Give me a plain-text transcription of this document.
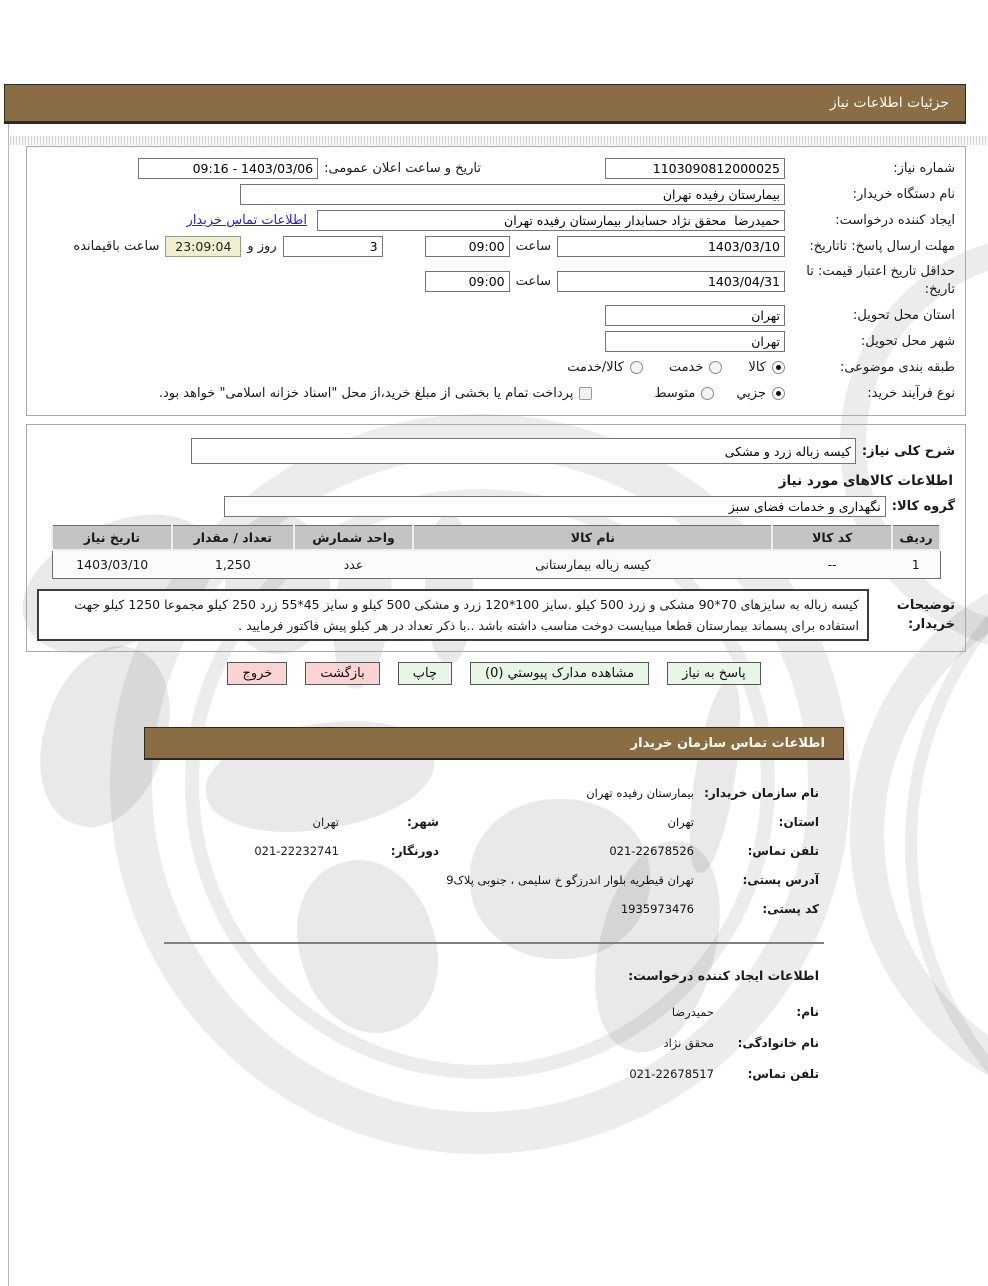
جزئیات اطلاعات نیاز
شماره نیاز:
1103090812000025
تاریخ و ساعت اعلان عمومی:
09:16 - 1403/03/06
نام دستگاه خریدار:
بیمارستان رفیده تهران
ایجاد کننده درخواست:
حمیدرضا محقق نژاد حسابدار بیمارستان رفیده تهران
اطلاعات تماس خریدار
مهلت ارسال پاسخ: تاتاریخ:
1403/03/10
ساعت
09:00
3
روز و
23:09:04
ساعت باقیمانده
حداقل تاریخ اعتبار قیمت: تا تاریخ:
1403/04/31
ساعت
09:00
استان محل تحویل:
تهران
شهر محل تحویل:
تهران
طبقه بندی موضوعی:
کالا
خدمت
کالا/خدمت
نوع فرآیند خرید:
جزيي
متوسط
پرداخت تمام یا بخشی از مبلغ خرید،از محل "اسناد خزانه اسلامی" خواهد بود.
شرح کلی نیاز:
کیسه زباله زرد و مشکی
اطلاعات کالاهای مورد نیاز
گروه کالا:
نگهداری و خدمات فضای سبز
ردیف	کد کالا	نام کالا	واحد شمارش	تعداد / مقدار	تاریخ نیاز
1	--	کیسه زباله بیمارستانی	عدد	1,250	1403/03/10
توضیحات خریدار:
کیسه زباله به سایزهای 70*90 مشکی و زرد 500 کیلو .سایز 100*120 زرد و مشکی 500 کیلو و سایز 45*55 زرد 250 کیلو مجموعا 1250 کیلو جهت استفاده برای پسماند بیمارستان قطعا میبایست دوخت مناسب داشته باشد ..با ذکر تعداد در هر کیلو پیش فاکتور فرمایید .
پاسخ به نیاز
مشاهده مدارک پیوستي (0)
چاپ
بازگشت
خروج
اطلاعات تماس سازمان خریدار
نام سازمان خریدار:
بیمارستان رفیده تهران
استان:
تهران
شهر:
تهران
تلفن تماس:
021-22678526
دورنگار:
021-22232741
آدرس پستی:
تهران قیطریه بلوار اندرزگو خ سلیمی ، جنوبی پلاک9
کد پستی:
1935973476
اطلاعات ایجاد کننده درخواست:
نام:
حمیدرضا
نام خانوادگی:
محقق نژاد
تلفن تماس:
021-22678517
